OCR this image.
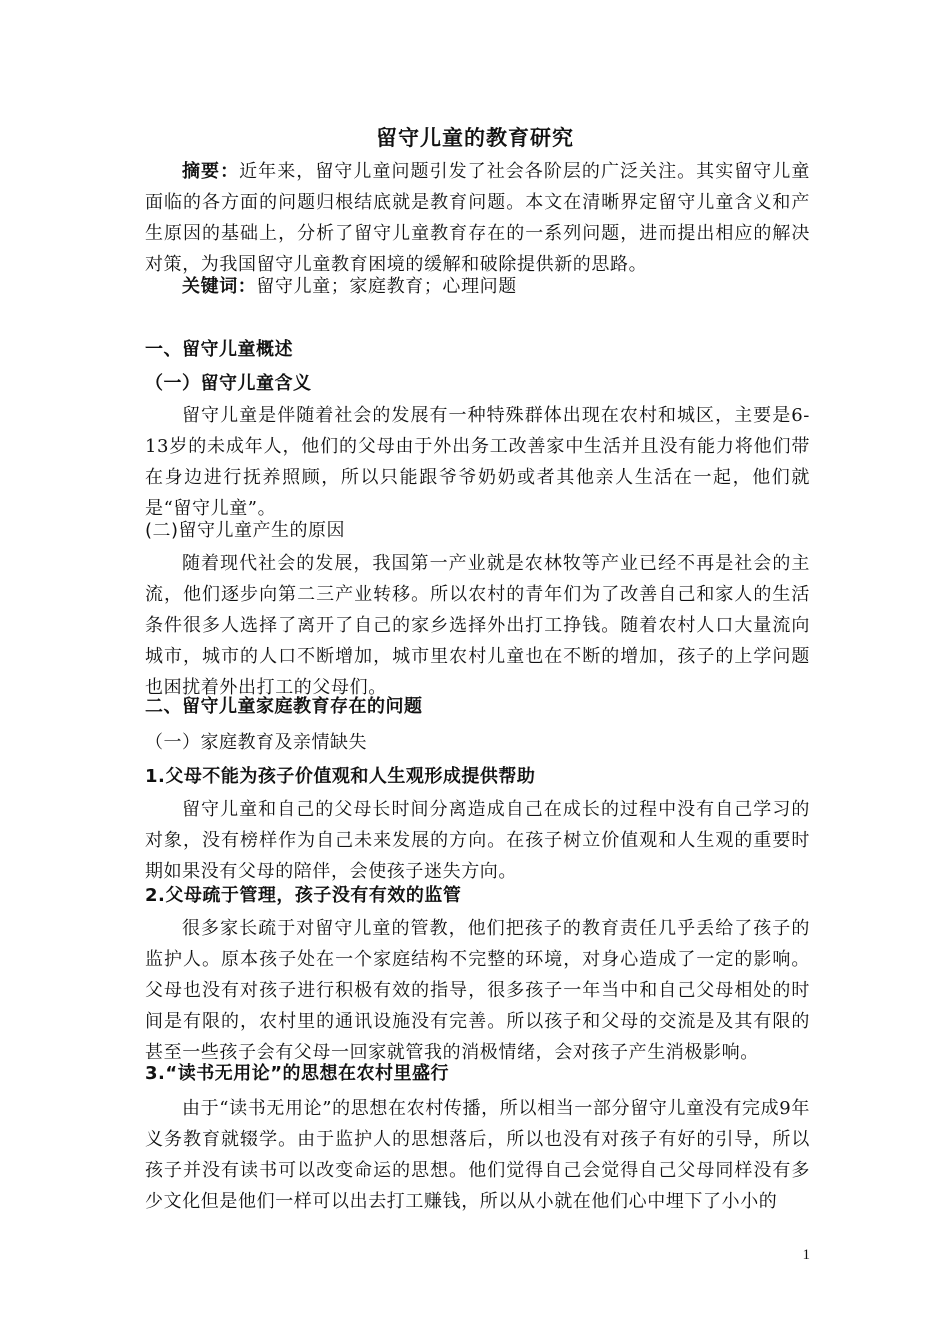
留守儿童的教育研究

摘要：近年来，留守儿童问题引发了社会各阶层的广泛关注。其实留守儿童面临的各方面的问题归根结底就是教育问题。本文在清晰界定留守儿童含义和产生原因的基础上，分析了留守儿童教育存在的一系列问题，进而提出相应的解决对策，为我国留守儿童教育困境的缓解和破除提供新的思路。

关键词：留守儿童；家庭教育；心理问题

一、留守儿童概述
（一）留守儿童含义

留守儿童是伴随着社会的发展有一种特殊群体出现在农村和城区，主要是6-13岁的未成年人，他们的父母由于外出务工改善家中生活并且没有能力将他们带在身边进行抚养照顾，所以只能跟爷爷奶奶或者其他亲人生活在一起，他们就是“留守儿童”。

(二)留守儿童产生的原因

随着现代社会的发展，我国第一产业就是农林牧等产业已经不再是社会的主流，他们逐步向第二三产业转移。所以农村的青年们为了改善自己和家人的生活条件很多人选择了离开了自己的家乡选择外出打工挣钱。随着农村人口大量流向城市，城市的人口不断增加，城市里农村儿童也在不断的增加，孩子的上学问题也困扰着外出打工的父母们。

二、留守儿童家庭教育存在的问题
（一）家庭教育及亲情缺失
1.父母不能为孩子价值观和人生观形成提供帮助

留守儿童和自己的父母长时间分离造成自己在成长的过程中没有自己学习的对象，没有榜样作为自己未来发展的方向。在孩子树立价值观和人生观的重要时期如果没有父母的陪伴，会使孩子迷失方向。

2.父母疏于管理，孩子没有有效的监管

很多家长疏于对留守儿童的管教，他们把孩子的教育责任几乎丢给了孩子的监护人。原本孩子处在一个家庭结构不完整的环境，对身心造成了一定的影响。父母也没有对孩子进行积极有效的指导，很多孩子一年当中和自己父母相处的时间是有限的，农村里的通讯设施没有完善。所以孩子和父母的交流是及其有限的甚至一些孩子会有父母一回家就管我的消极情绪，会对孩子产生消极影响。

3.“读书无用论”的思想在农村里盛行

由于“读书无用论”的思想在农村传播，所以相当一部分留守儿童没有完成9年义务教育就辍学。由于监护人的思想落后，所以也没有对孩子有好的引导，所以孩子并没有读书可以改变命运的思想。他们觉得自己会觉得自己父母同样没有多少文化但是他们一样可以出去打工赚钱，所以从小就在他们心中埋下了小小的

1
